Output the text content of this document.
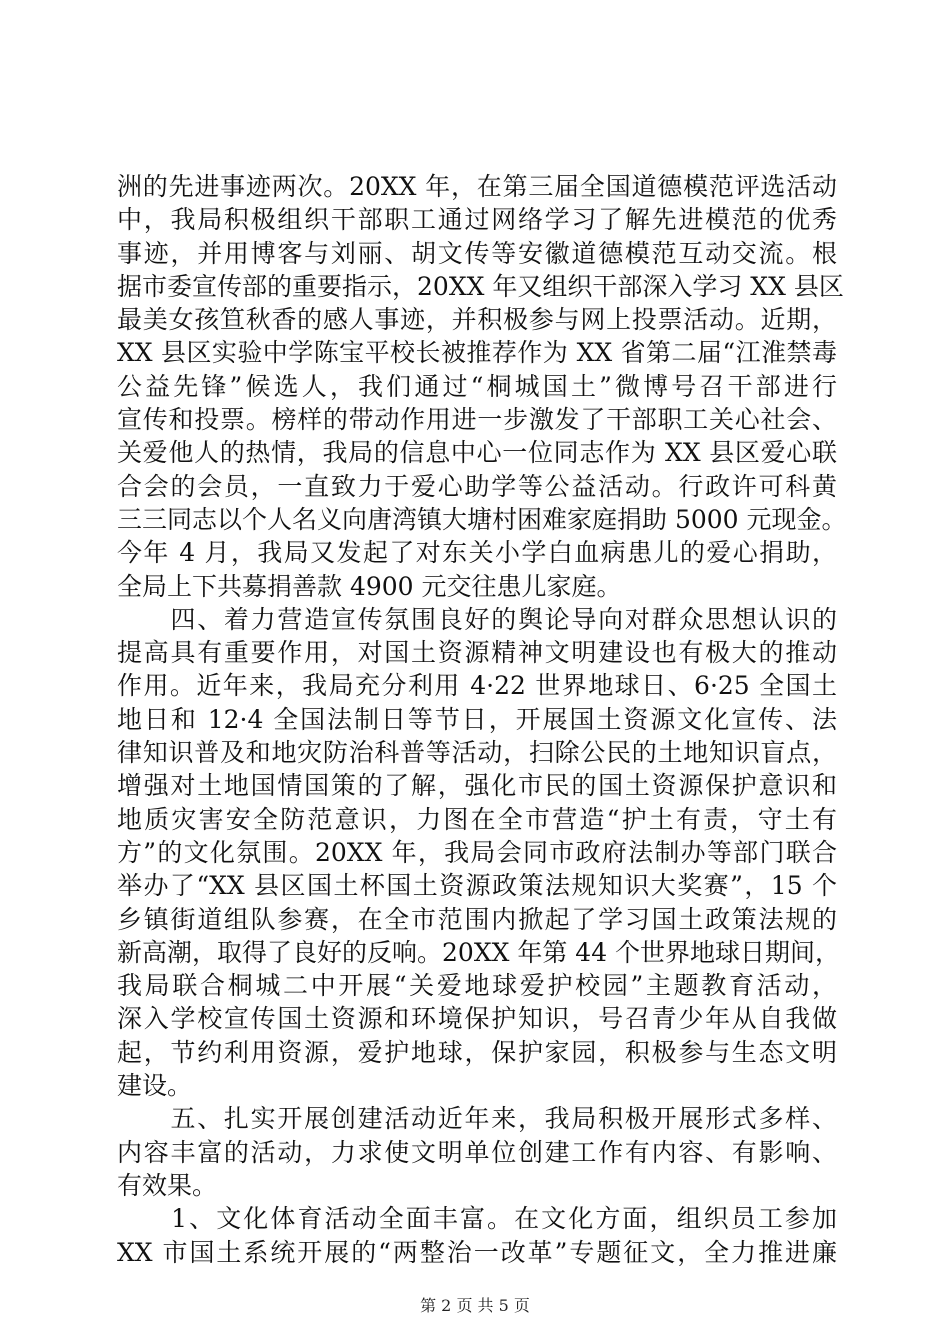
洲的先进事迹两次。20XX 年，在第三届全国道德模范评选活动
中，我局积极组织干部职工通过网络学习了解先进模范的优秀
事迹，并用博客与刘丽、胡文传等安徽道德模范互动交流。根
据市委宣传部的重要指示，20XX 年又组织干部深入学习 XX 县区
最美女孩笪秋香的感人事迹，并积极参与网上投票活动。近期，
XX 县区实验中学陈宝平校长被推荐作为 XX 省第二届“江淮禁毒
公益先锋”候选人，我们通过“桐城国土”微博号召干部进行
宣传和投票。榜样的带动作用进一步激发了干部职工关心社会、
关爱他人的热情，我局的信息中心一位同志作为 XX 县区爱心联
合会的会员，一直致力于爱心助学等公益活动。行政许可科黄
三三同志以个人名义向唐湾镇大塘村困难家庭捐助 5000 元现金。
今年 4 月，我局又发起了对东关小学白血病患儿的爱心捐助，
全局上下共募捐善款 4900 元交往患儿家庭。
　　四、着力营造宣传氛围良好的舆论导向对群众思想认识的
提高具有重要作用，对国土资源精神文明建设也有极大的推动
作用。近年来，我局充分利用 4·22 世界地球日、6·25 全国土
地日和 12·4 全国法制日等节日，开展国土资源文化宣传、法
律知识普及和地灾防治科普等活动，扫除公民的土地知识盲点，
增强对土地国情国策的了解，强化市民的国土资源保护意识和
地质灾害安全防范意识，力图在全市营造“护土有责，守土有
方”的文化氛围。20XX 年，我局会同市政府法制办等部门联合
举办了“XX 县区国土杯国土资源政策法规知识大奖赛”，15 个
乡镇街道组队参赛，在全市范围内掀起了学习国土政策法规的
新高潮，取得了良好的反响。20XX 年第 44 个世界地球日期间，
我局联合桐城二中开展“关爱地球爱护校园”主题教育活动，
深入学校宣传国土资源和环境保护知识，号召青少年从自我做
起，节约利用资源，爱护地球，保护家园，积极参与生态文明
建设。
　　五、扎实开展创建活动近年来，我局积极开展形式多样、
内容丰富的活动，力求使文明单位创建工作有内容、有影响、
有效果。
　　1、文化体育活动全面丰富。在文化方面，组织员工参加
XX 市国土系统开展的“两整治一改革”专题征文，全力推进廉
第 2 页 共 5 页
